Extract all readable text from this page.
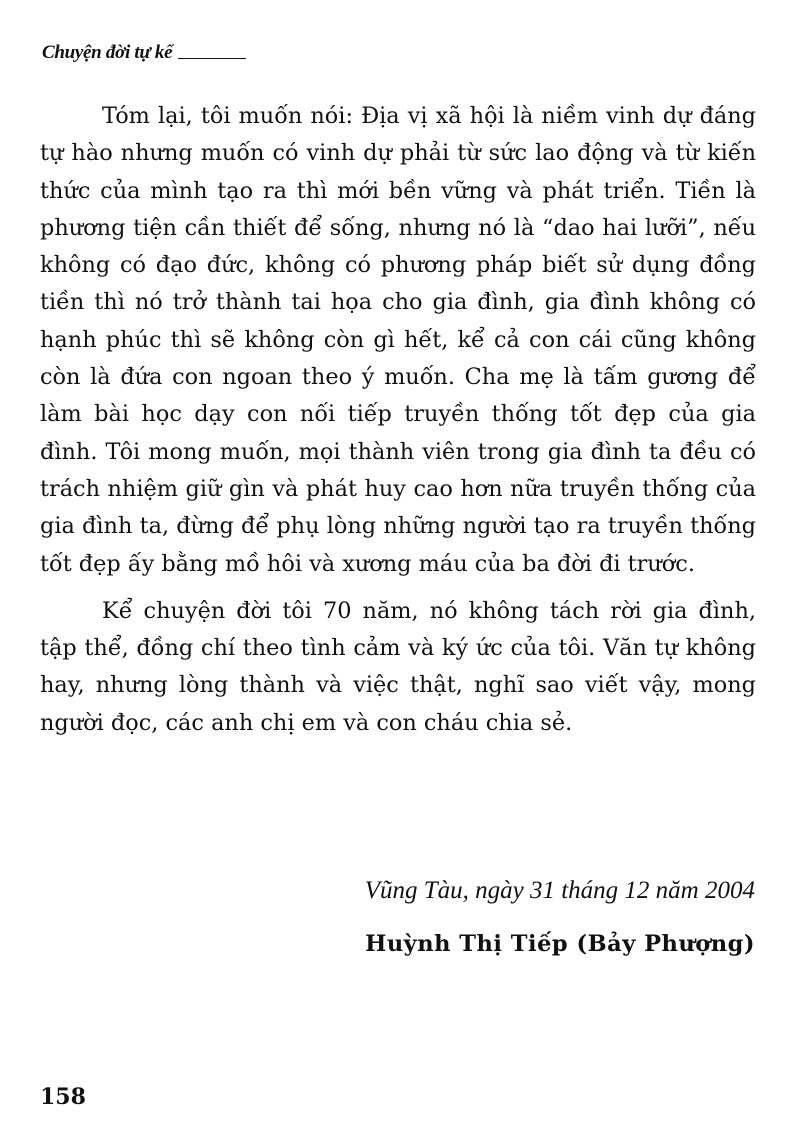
Chuyện đời tự kể

Tóm lại, tôi muốn nói: Địa vị xã hội là niềm vinh dự đáng tự hào nhưng muốn có vinh dự phải từ sức lao động và từ kiến thức của mình tạo ra thì mới bền vững và phát triển. Tiền là phương tiện cần thiết để sống, nhưng nó là “dao hai lưỡi”, nếu không có đạo đức, không có phương pháp biết sử dụng đồng tiền thì nó trở thành tai họa cho gia đình, gia đình không có hạnh phúc thì sẽ không còn gì hết, kể cả con cái cũng không còn là đứa con ngoan theo ý muốn. Cha mẹ là tấm gương để làm bài học dạy con nối tiếp truyền thống tốt đẹp của gia đình. Tôi mong muốn, mọi thành viên trong gia đình ta đều có trách nhiệm giữ gìn và phát huy cao hơn nữa truyền thống của gia đình ta, đừng để phụ lòng những người tạo ra truyền thống tốt đẹp ấy bằng mồ hôi và xương máu của ba đời đi trước.

Kể chuyện đời tôi 70 năm, nó không tách rời gia đình, tập thể, đồng chí theo tình cảm và ký ức của tôi. Văn tự không hay, nhưng lòng thành và việc thật, nghĩ sao viết vậy, mong người đọc, các anh chị em và con cháu chia sẻ.

Vũng Tàu, ngày 31 tháng 12 năm 2004
Huỳnh Thị Tiếp (Bảy Phượng)
158
